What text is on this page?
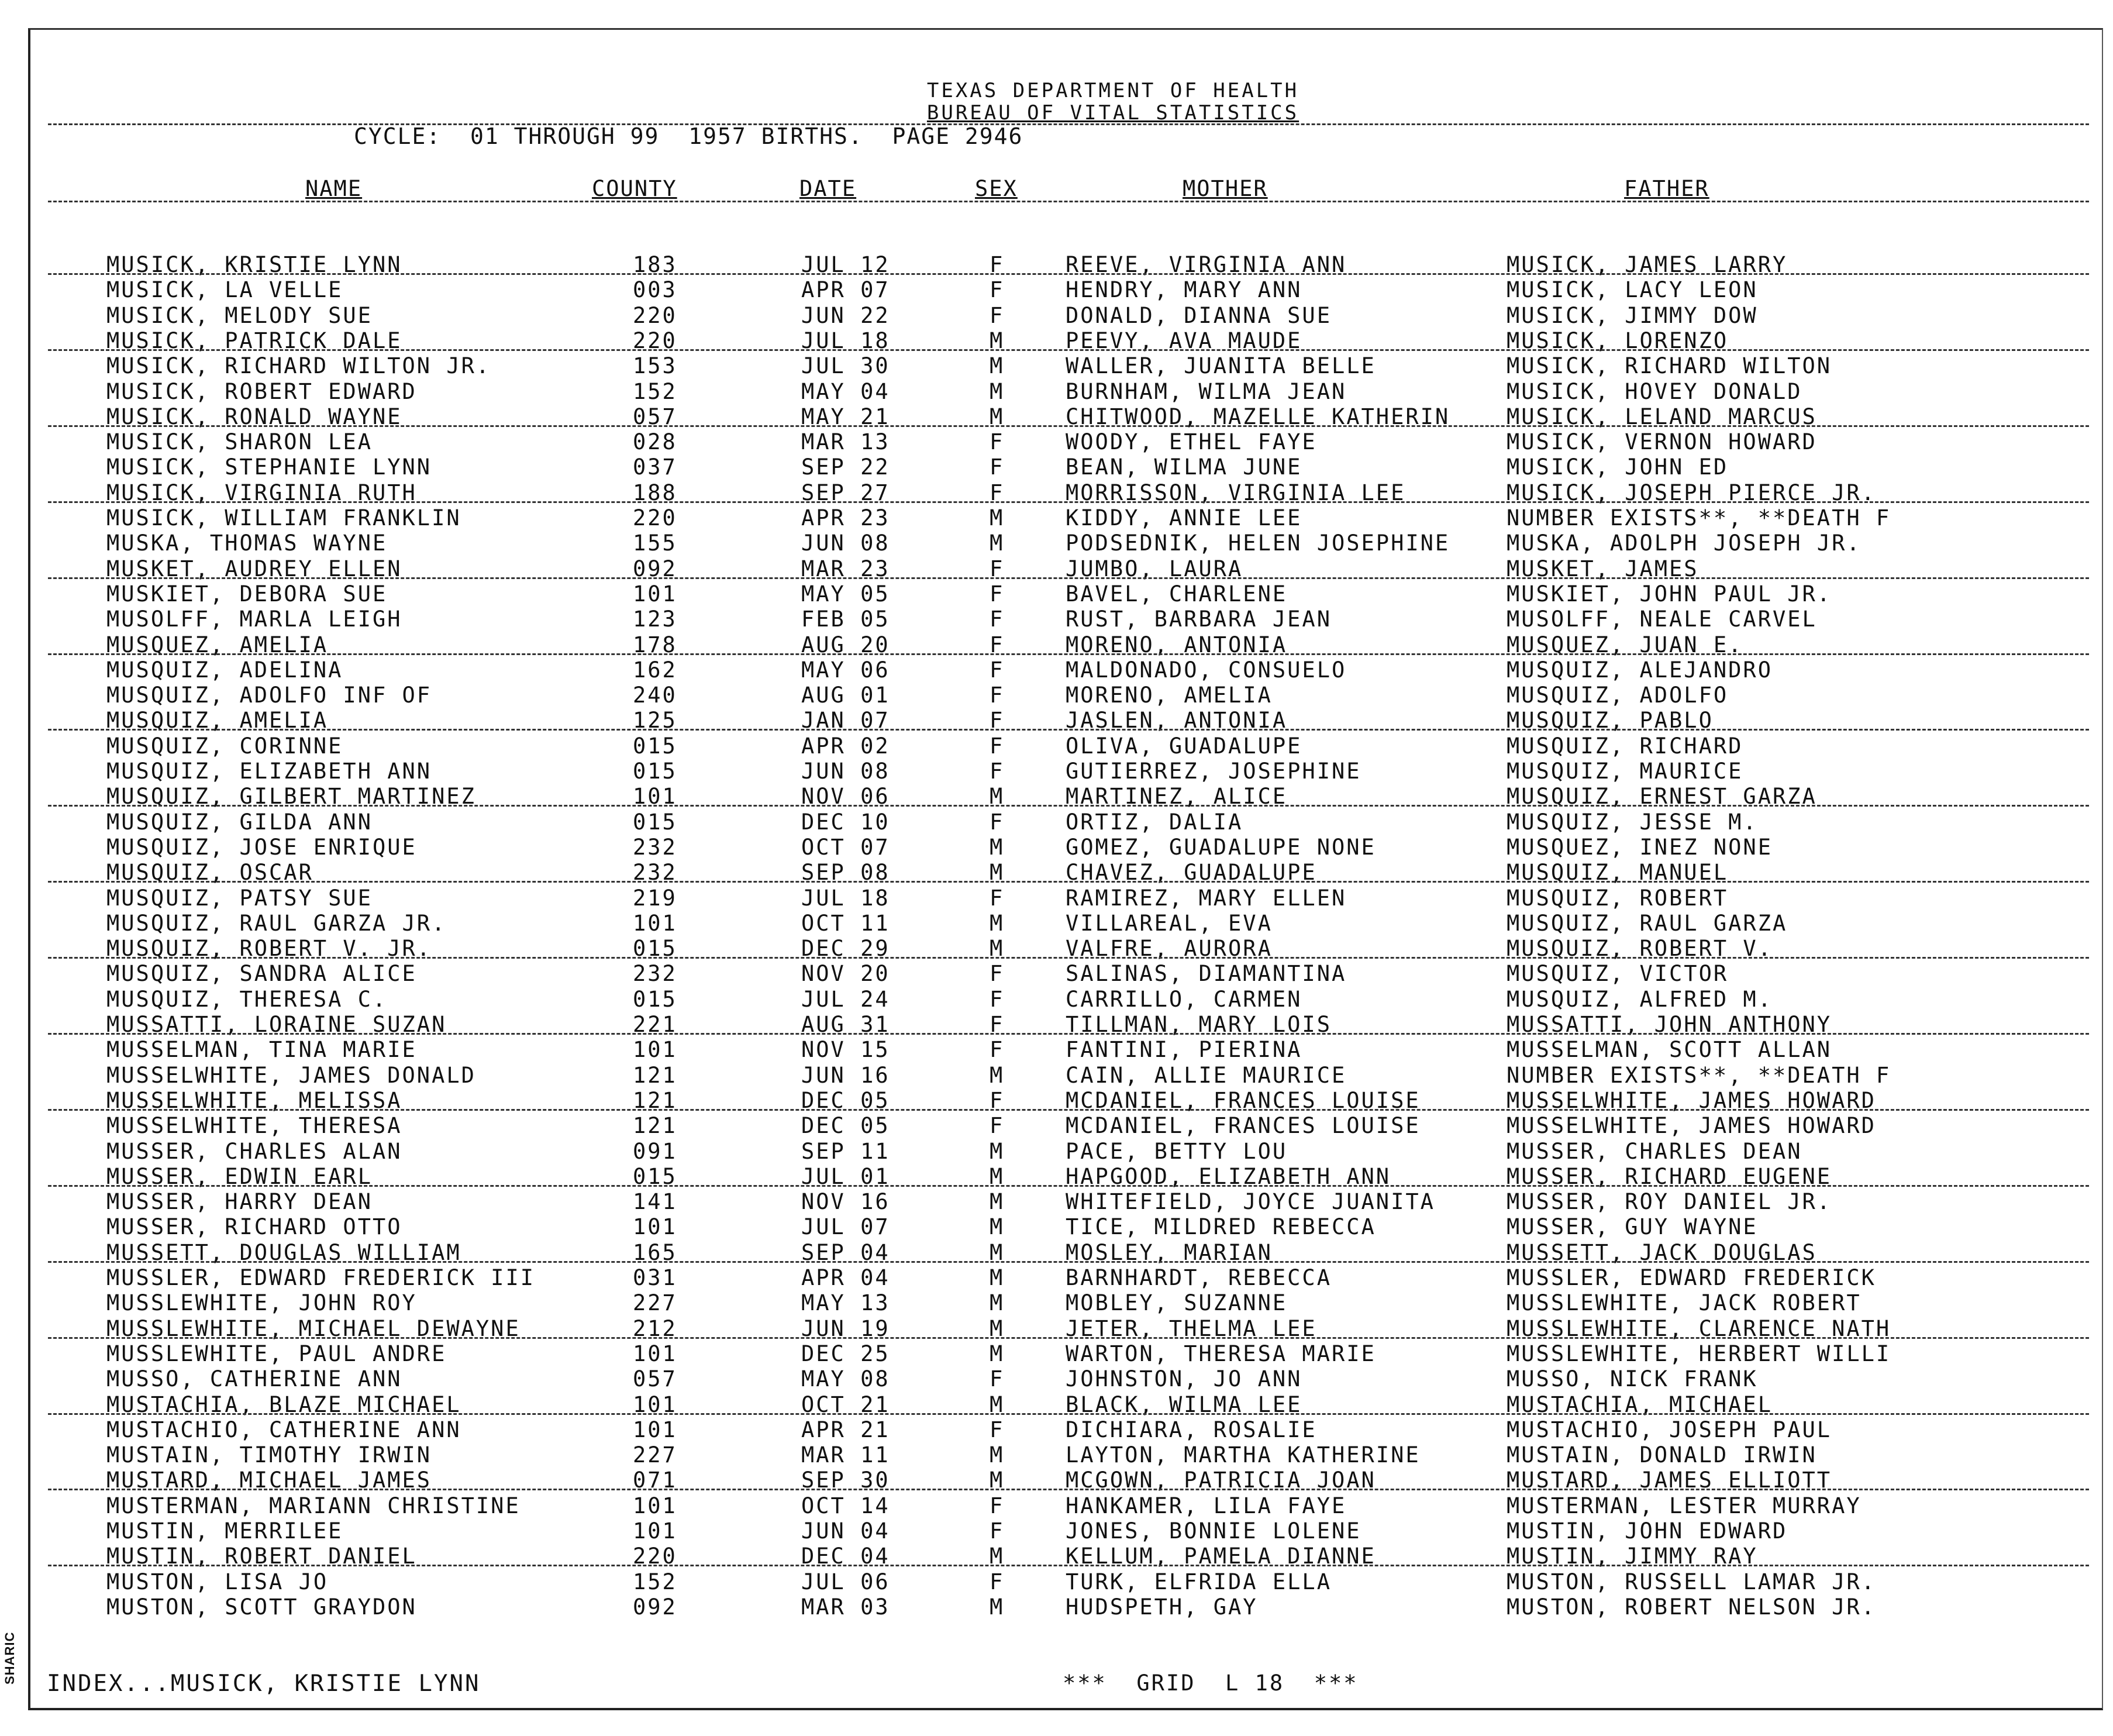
TEXAS DEPARTMENT OF HEALTH
BUREAU OF VITAL STATISTICS
CYCLE:  01 THROUGH 99  1957 BIRTHS.  PAGE 2946
NAME	COUNTY	DATE	SEX	MOTHER	FATHER
MUSICK, KRISTIE LYNN	183	JUL 12	F	REEVE, VIRGINIA ANN	MUSICK, JAMES LARRY
MUSICK, LA VELLE	003	APR 07	F	HENDRY, MARY ANN	MUSICK, LACY LEON
MUSICK, MELODY SUE	220	JUN 22	F	DONALD, DIANNA SUE	MUSICK, JIMMY DOW
MUSICK, PATRICK DALE	220	JUL 18	M	PEEVY, AVA MAUDE	MUSICK, LORENZO
MUSICK, RICHARD WILTON JR.	153	JUL 30	M	WALLER, JUANITA BELLE	MUSICK, RICHARD WILTON
MUSICK, ROBERT EDWARD	152	MAY 04	M	BURNHAM, WILMA JEAN	MUSICK, HOVEY DONALD
MUSICK, RONALD WAYNE	057	MAY 21	M	CHITWOOD, MAZELLE KATHERIN	MUSICK, LELAND MARCUS
MUSICK, SHARON LEA	028	MAR 13	F	WOODY, ETHEL FAYE	MUSICK, VERNON HOWARD
MUSICK, STEPHANIE LYNN	037	SEP 22	F	BEAN, WILMA JUNE	MUSICK, JOHN ED
MUSICK, VIRGINIA RUTH	188	SEP 27	F	MORRISSON, VIRGINIA LEE	MUSICK, JOSEPH PIERCE JR.
MUSICK, WILLIAM FRANKLIN	220	APR 23	M	KIDDY, ANNIE LEE	NUMBER EXISTS**, **DEATH F
MUSKA, THOMAS WAYNE	155	JUN 08	M	PODSEDNIK, HELEN JOSEPHINE	MUSKA, ADOLPH JOSEPH JR.
MUSKET, AUDREY ELLEN	092	MAR 23	F	JUMBO, LAURA	MUSKET, JAMES
MUSKIET, DEBORA SUE	101	MAY 05	F	BAVEL, CHARLENE	MUSKIET, JOHN PAUL JR.
MUSOLFF, MARLA LEIGH	123	FEB 05	F	RUST, BARBARA JEAN	MUSOLFF, NEALE CARVEL
MUSQUEZ, AMELIA	178	AUG 20	F	MORENO, ANTONIA	MUSQUEZ, JUAN E.
MUSQUIZ, ADELINA	162	MAY 06	F	MALDONADO, CONSUELO	MUSQUIZ, ALEJANDRO
MUSQUIZ, ADOLFO INF OF	240	AUG 01	F	MORENO, AMELIA	MUSQUIZ, ADOLFO
MUSQUIZ, AMELIA	125	JAN 07	F	JASLEN, ANTONIA	MUSQUIZ, PABLO
MUSQUIZ, CORINNE	015	APR 02	F	OLIVA, GUADALUPE	MUSQUIZ, RICHARD
MUSQUIZ, ELIZABETH ANN	015	JUN 08	F	GUTIERREZ, JOSEPHINE	MUSQUIZ, MAURICE
MUSQUIZ, GILBERT MARTINEZ	101	NOV 06	M	MARTINEZ, ALICE	MUSQUIZ, ERNEST GARZA
MUSQUIZ, GILDA ANN	015	DEC 10	F	ORTIZ, DALIA	MUSQUIZ, JESSE M.
MUSQUIZ, JOSE ENRIQUE	232	OCT 07	M	GOMEZ, GUADALUPE NONE	MUSQUEZ, INEZ NONE
MUSQUIZ, OSCAR	232	SEP 08	M	CHAVEZ, GUADALUPE	MUSQUIZ, MANUEL
MUSQUIZ, PATSY SUE	219	JUL 18	F	RAMIREZ, MARY ELLEN	MUSQUIZ, ROBERT
MUSQUIZ, RAUL GARZA JR.	101	OCT 11	M	VILLAREAL, EVA	MUSQUIZ, RAUL GARZA
MUSQUIZ, ROBERT V. JR.	015	DEC 29	M	VALFRE, AURORA	MUSQUIZ, ROBERT V.
MUSQUIZ, SANDRA ALICE	232	NOV 20	F	SALINAS, DIAMANTINA	MUSQUIZ, VICTOR
MUSQUIZ, THERESA C.	015	JUL 24	F	CARRILLO, CARMEN	MUSQUIZ, ALFRED M.
MUSSATTI, LORAINE SUZAN	221	AUG 31	F	TILLMAN, MARY LOIS	MUSSATTI, JOHN ANTHONY
MUSSELMAN, TINA MARIE	101	NOV 15	F	FANTINI, PIERINA	MUSSELMAN, SCOTT ALLAN
MUSSELWHITE, JAMES DONALD	121	JUN 16	M	CAIN, ALLIE MAURICE	NUMBER EXISTS**, **DEATH F
MUSSELWHITE, MELISSA	121	DEC 05	F	MCDANIEL, FRANCES LOUISE	MUSSELWHITE, JAMES HOWARD
MUSSELWHITE, THERESA	121	DEC 05	F	MCDANIEL, FRANCES LOUISE	MUSSELWHITE, JAMES HOWARD
MUSSER, CHARLES ALAN	091	SEP 11	M	PACE, BETTY LOU	MUSSER, CHARLES DEAN
MUSSER, EDWIN EARL	015	JUL 01	M	HAPGOOD, ELIZABETH ANN	MUSSER, RICHARD EUGENE
MUSSER, HARRY DEAN	141	NOV 16	M	WHITEFIELD, JOYCE JUANITA	MUSSER, ROY DANIEL JR.
MUSSER, RICHARD OTTO	101	JUL 07	M	TICE, MILDRED REBECCA	MUSSER, GUY WAYNE
MUSSETT, DOUGLAS WILLIAM	165	SEP 04	M	MOSLEY, MARIAN	MUSSETT, JACK DOUGLAS
MUSSLER, EDWARD FREDERICK III	031	APR 04	M	BARNHARDT, REBECCA	MUSSLER, EDWARD FREDERICK
MUSSLEWHITE, JOHN ROY	227	MAY 13	M	MOBLEY, SUZANNE	MUSSLEWHITE, JACK ROBERT
MUSSLEWHITE, MICHAEL DEWAYNE	212	JUN 19	M	JETER, THELMA LEE	MUSSLEWHITE, CLARENCE NATH
MUSSLEWHITE, PAUL ANDRE	101	DEC 25	M	WARTON, THERESA MARIE	MUSSLEWHITE, HERBERT WILLI
MUSSO, CATHERINE ANN	057	MAY 08	F	JOHNSTON, JO ANN	MUSSO, NICK FRANK
MUSTACHIA, BLAZE MICHAEL	101	OCT 21	M	BLACK, WILMA LEE	MUSTACHIA, MICHAEL
MUSTACHIO, CATHERINE ANN	101	APR 21	F	DICHIARA, ROSALIE	MUSTACHIO, JOSEPH PAUL
MUSTAIN, TIMOTHY IRWIN	227	MAR 11	M	LAYTON, MARTHA KATHERINE	MUSTAIN, DONALD IRWIN
MUSTARD, MICHAEL JAMES	071	SEP 30	M	MCGOWN, PATRICIA JOAN	MUSTARD, JAMES ELLIOTT
MUSTERMAN, MARIANN CHRISTINE	101	OCT 14	F	HANKAMER, LILA FAYE	MUSTERMAN, LESTER MURRAY
MUSTIN, MERRILEE	101	JUN 04	F	JONES, BONNIE LOLENE	MUSTIN, JOHN EDWARD
MUSTIN, ROBERT DANIEL	220	DEC 04	M	KELLUM, PAMELA DIANNE	MUSTIN, JIMMY RAY
MUSTON, LISA JO	152	JUL 06	F	TURK, ELFRIDA ELLA	MUSTON, RUSSELL LAMAR JR.
MUSTON, SCOTT GRAYDON	092	MAR 03	M	HUDSPETH, GAY	MUSTON, ROBERT NELSON JR.
INDEX...MUSICK, KRISTIE LYNN	***  GRID  L 18  ***
SHARIC
